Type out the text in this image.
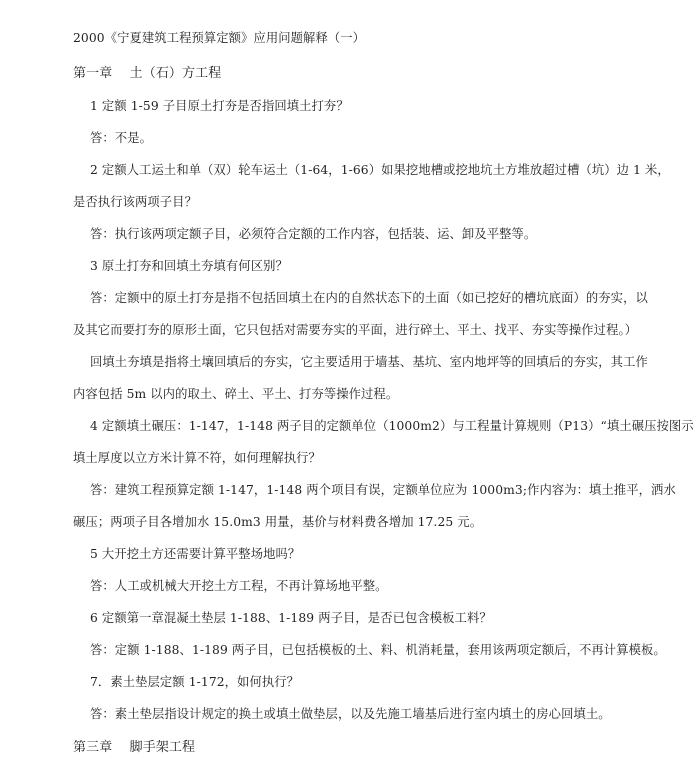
2000《宁夏建筑工程预算定额》应用问题解释（一）
第一章　 土（石）方工程
1 定额 1-59 子目原土打夯是否指回填土打夯？
答：不是。
2 定额人工运土和单（双）轮车运土（1-64，1-66）如果挖地槽或挖地坑土方堆放超过槽（坑）边 1 米，
是否执行该两项子目？
答：执行该两项定额子目，必须符合定额的工作内容，包括装、运、卸及平整等。
3 原土打夯和回填土夯填有何区别？
答：定额中的原土打夯是指不包括回填土在内的自然状态下的土面（如已挖好的槽坑底面）的夯实，以
及其它而要打夯的原形土面，它只包括对需要夯实的平面，进行碎土、平土、找平、夯实等操作过程。）
回填土夯填是指将土壤回填后的夯实，它主要适用于墙基、基坑、室内地坪等的回填后的夯实，其工作
内容包括 5m 以内的取土、碎土、平土、打夯等操作过程。
4 定额填土碾压：1-147，1-148 两子目的定额单位（1000m2）与工程量计算规则（P13）“填土碾压按图示
填土厚度以立方米计算不符，如何理解执行？
答：建筑工程预算定额 1-147，1-148 两个项目有误，定额单位应为 1000m3;作内容为：填土推平，洒水
碾压；两项子目各增加水 15.0m3 用量，基价与材料费各增加 17.25 元。
5 大开挖土方还需要计算平整场地吗？
答：人工或机械大开挖土方工程，不再计算场地平整。
6 定额第一章混凝土垫层 1-188、1-189 两子目，是否已包含模板工料？
答：定额 1-188、1-189 两子目，已包括模板的土、料、机消耗量，套用该两项定额后，不再计算模板。
7．素土垫层定额 1-172，如何执行？
答：素土垫层指设计规定的换土或填土做垫层，以及先施工墙基后进行室内填土的房心回填土。
第三章　 脚手架工程
